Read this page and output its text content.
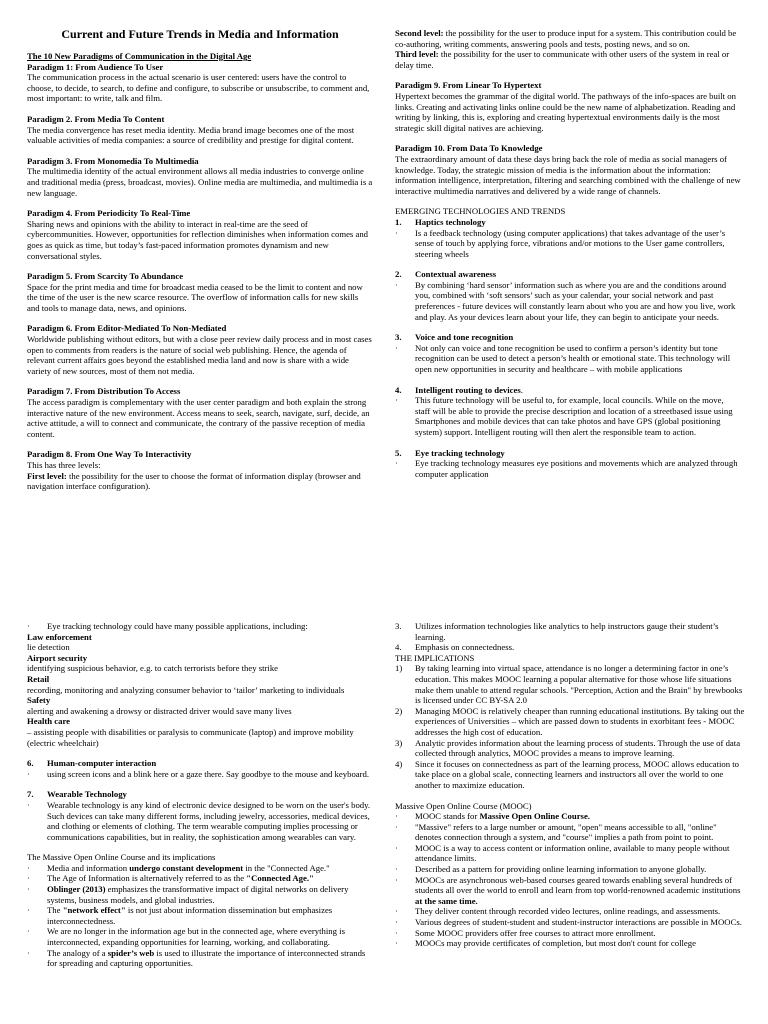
Current and Future Trends in Media and Information
The 10 New Paradigms of Communication in the Digital Age
Paradigm 1: From Audience To User

The communication process in the actual scenario is user centered: users have the control to choose, to decide, to search, to define and configure, to subscribe or unsubscribe, to comment and, most important: to write, talk and film.

Paradigm 2. From Media To Content

The media convergence has reset media identity. Media brand image becomes one of the most valuable activities of media companies: a source of credibility and prestige for digital content.

Paradigm 3. From Monomedia To Multimedia

The multimedia identity of the actual environment allows all media industries to converge online and traditional media (press, broadcast, movies). Online media are multimedia, and multimedia is a new language.

Paradigm 4. From Periodicity To Real-Time

Sharing news and opinions with the ability to interact in real-time are the seed of cybercommunities. However, opportunities for reflection diminishes when information comes and goes as quick as time, but today’s fast-paced information promotes dynamism and new conversational styles.

Paradigm 5. From Scarcity To Abundance

Space for the print media and time for broadcast media ceased to be the limit to content and now the time of the user is the new scarce resource. The overflow of information calls for new skills and tools to manage data, news, and opinions.

Paradigm 6. From Editor-Mediated To Non-Mediated

Worldwide publishing without editors, but with a close peer review daily process and in most cases open to comments from readers is the nature of social web publishing. Hence, the agenda of relevant current affairs goes beyond the established media land and now is share with a wide variety of new sources, most of them not media.

Paradigm 7. From Distribution To Access

The access paradigm is complementary with the user center paradigm and both explain the strong interactive nature of the new environment. Access means to seek, search, navigate, surf, decide, an active attitude, a will to connect and communicate, the contrary of the passive reception of media content.

Paradigm 8. From One Way To Interactivity

This has three levels:

First level: the possibility for the user to choose the format of information display (browser and navigation interface configuration).

Second level: the possibility for the user to produce input for a system. This contribution could be co-authoring, writing comments, answering pools and tests, posting news, and so on.

Third level: the possibility for the user to communicate with other users of the system in real or delay time.

Paradigm 9. From Linear To Hypertext

Hypertext becomes the grammar of the digital world. The pathways of the info-spaces are built on links. Creating and activating links online could be the new name of alphabetization. Reading and writing by linking, this is, exploring and creating hypertextual environments daily is the most strategic skill digital natives are achieving.

Paradigm 10. From Data To Knowledge

The extraordinary amount of data these days bring back the role of media as social managers of knowledge. Today, the strategic mission of media is the information about the information: information intelligence, interpretation, filtering and searching combined with the challenge of new interactive multimedia narratives and delivered by a wide range of channels.

EMERGING TECHNOLOGIES AND TRENDS
1.	Haptics technology
·	Is a feedback technology (using computer applications) that takes advantage of the user’s sense of touch by applying force, vibrations and/or motions to the User game controllers, steering wheels
2.	Contextual awareness
·	By combining ‘hard sensor’ information such as where you are and the conditions around you, combined with ‘soft sensors’ such as your calendar, your social network and past preferences - future devices will constantly learn about who you are and how you live, work and play. As your devices learn about your life, they can begin to anticipate your needs.
3.	Voice and tone recognition
·	Not only can voice and tone recognition be used to confirm a person’s identity but tone recognition can be used to detect a person’s health or emotional state. This technology will open new opportunities in security and healthcare – with mobile applications
4.	Intelligent routing to devices .
·	This future technology will be useful to, for example, local councils. While on the move, staff will be able to provide the precise description and location of a streetbased issue using Smartphones and mobile devices that can take photos and have GPS (global positioning system) support. Intelligent routing will then alert the responsible team to action.
5.	Eye tracking technology
·	Eye tracking technology measures eye positions and movements which are analyzed through computer application
·	Eye tracking technology could have many possible applications, including:
Law enforcement

lie detection

Airport security

identifying suspicious behavior, e.g. to catch terrorists before they strike

Retail

recording, monitoring and analyzing consumer behavior to ‘tailor’ marketing to individuals

Safety

alerting and awakening a drowsy or distracted driver would save many lives

Health care

– assisting people with disabilities or paralysis to communicate (laptop) and improve mobility (electric wheelchair)

6.	Human-computer interaction
·	using screen icons and a blink here or a gaze there. Say goodbye to the mouse and keyboard.
7.	Wearable Technology
·	Wearable technology is any kind of electronic device designed to be worn on the user's body. Such devices can take many different forms, including jewelry, accessories, medical devices, and clothing or elements of clothing. The term wearable computing implies processing or communications capabilities, but in reality, the sophistication among wearables can vary.
The Massive Open Online Course and its implications
·	Media and information undergo constant development in the "Connected Age."
·	The Age of Information is alternatively referred to as the "Connected Age."
·	Oblinger (2013) emphasizes the transformative impact of digital networks on delivery systems, business models, and global industries.
·	The "network effect" is not just about information dissemination but emphasizes interconnectedness.
·	We are no longer in the information age but in the connected age, where everything is interconnected, expanding opportunities for learning, working, and collaborating.
·	The analogy of a spider’s web is used to illustrate the importance of interconnected strands for spreading and capturing opportunities.
3.	Utilizes information technologies like analytics to help instructors gauge their student’s learning.
4.	Emphasis on connectedness.
THE IMPLICATIONS
1)	By taking learning into virtual space, attendance is no longer a determining factor in one’s education. This makes MOOC learning a popular alternative for those whose life situations make them unable to attend regular schools. "Perception, Action and the Brain" by brewbooks is licensed under CC BY-SA 2.0
2)	Managing MOOC is relatively cheaper than running educational institutions. By taking out the experiences of Universities – which are passed down to students in exorbitant fees - MOOC addresses the high cost of education.
3)	Analytic provides information about the learning process of students. Through the use of data collected through analytics, MOOC provides a means to improve learning.
4)	Since it focuses on connectedness as part of the learning process, MOOC allows education to take place on a global scale, connecting learners and instructors all over the world to one another to maximize education.
Massive Open Online Course (MOOC)
·	MOOC stands for Massive Open Online Course.
·	"Massive" refers to a large number or amount, "open" means accessible to all, "online" denotes connection through a system, and "course" implies a path from point to point.
·	MOOC is a way to access content or information online, available to many people without attendance limits.
·	Described as a pattern for providing online learning information to anyone globally.
·	MOOCs are asynchronous web-based courses geared towards enabling several hundreds of students all over the world to enroll and learn from top world-renowned academic institutions at the same time.
·	They deliver content through recorded video lectures, online readings, and assessments.
·	Various degrees of student-student and student-instructor interactions are possible in MOOCs.
·	Some MOOC providers offer free courses to attract more enrollment.
·	MOOCs may provide certificates of completion, but most don't count for college
